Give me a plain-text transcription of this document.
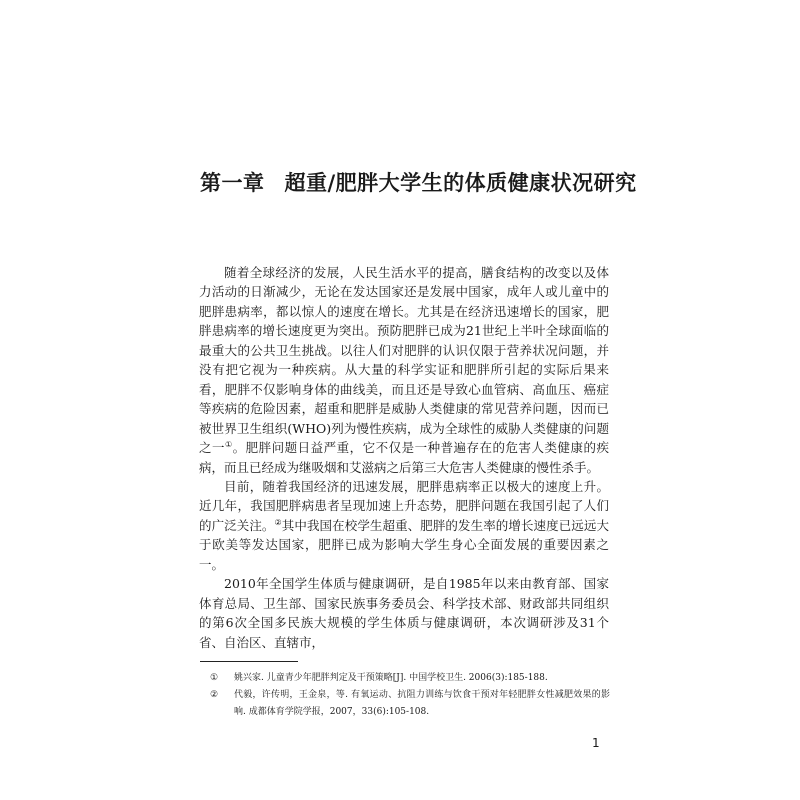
第一章 超重/肥胖大学生的体质健康状况研究

随着全球经济的发展，人民生活水平的提高，膳食结构的改变以及体力活动的日渐减少，无论在发达国家还是发展中国家，成年人或儿童中的肥胖患病率，都以惊人的速度在增长。尤其是在经济迅速增长的国家，肥胖患病率的增长速度更为突出。预防肥胖已成为21世纪上半叶全球面临的最重大的公共卫生挑战。以往人们对肥胖的认识仅限于营养状况问题，并没有把它视为一种疾病。从大量的科学实证和肥胖所引起的实际后果来看，肥胖不仅影响身体的曲线美，而且还是导致心血管病、高血压、癌症等疾病的危险因素，超重和肥胖是威胁人类健康的常见营养问题，因而已被世界卫生组织(WHO)列为慢性疾病，成为全球性的威胁人类健康的问题之一①。肥胖问题日益严重，它不仅是一种普遍存在的危害人类健康的疾病，而且已经成为继吸烟和艾滋病之后第三大危害人类健康的慢性杀手。

目前，随着我国经济的迅速发展，肥胖患病率正以极大的速度上升。近几年，我国肥胖病患者呈现加速上升态势，肥胖问题在我国引起了人们的广泛关注。②其中我国在校学生超重、肥胖的发生率的增长速度已远远大于欧美等发达国家，肥胖已成为影响大学生身心全面发展的重要因素之一。

2010年全国学生体质与健康调研，是自1985年以来由教育部、国家体育总局、卫生部、国家民族事务委员会、科学技术部、财政部共同组织的第6次全国多民族大规模的学生体质与健康调研，本次调研涉及31个省、自治区、直辖市，

①	姚兴家. 儿童青少年肥胖判定及干预策略[J]. 中国学校卫生. 2006(3):185-188.
②	代毅，许传明，王金泉，等. 有氧运动、抗阻力训练与饮食干预对年轻肥胖女性减肥效果的影响. 成都体育学院学报，2007，33(6):105-108.
1
